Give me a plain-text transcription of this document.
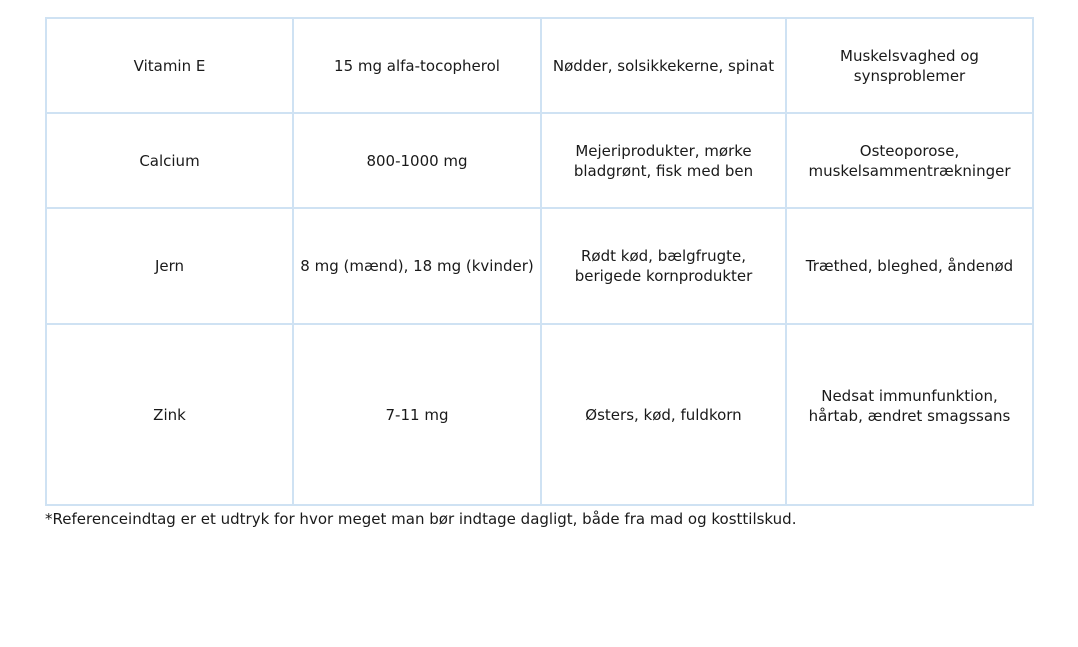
Vitamin E	15 mg alfa-tocopherol	Nødder, solsikkekerne, spinat	Muskelsvaghed og synsproblemer
Calcium	800-1000 mg	Mejeriprodukter, mørke bladgrønt, fisk med ben	Osteoporose, muskelsammentrækninger
Jern	8 mg (mænd), 18 mg (kvinder)	Rødt kød, bælgfrugte, berigede kornprodukter	Træthed, bleghed, åndenød
Zink	7-11 mg	Østers, kød, fuldkorn	Nedsat immunfunktion, hårtab, ændret smagssans
*Referenceindtag er et udtryk for hvor meget man bør indtage dagligt, både fra mad og kosttilskud.
